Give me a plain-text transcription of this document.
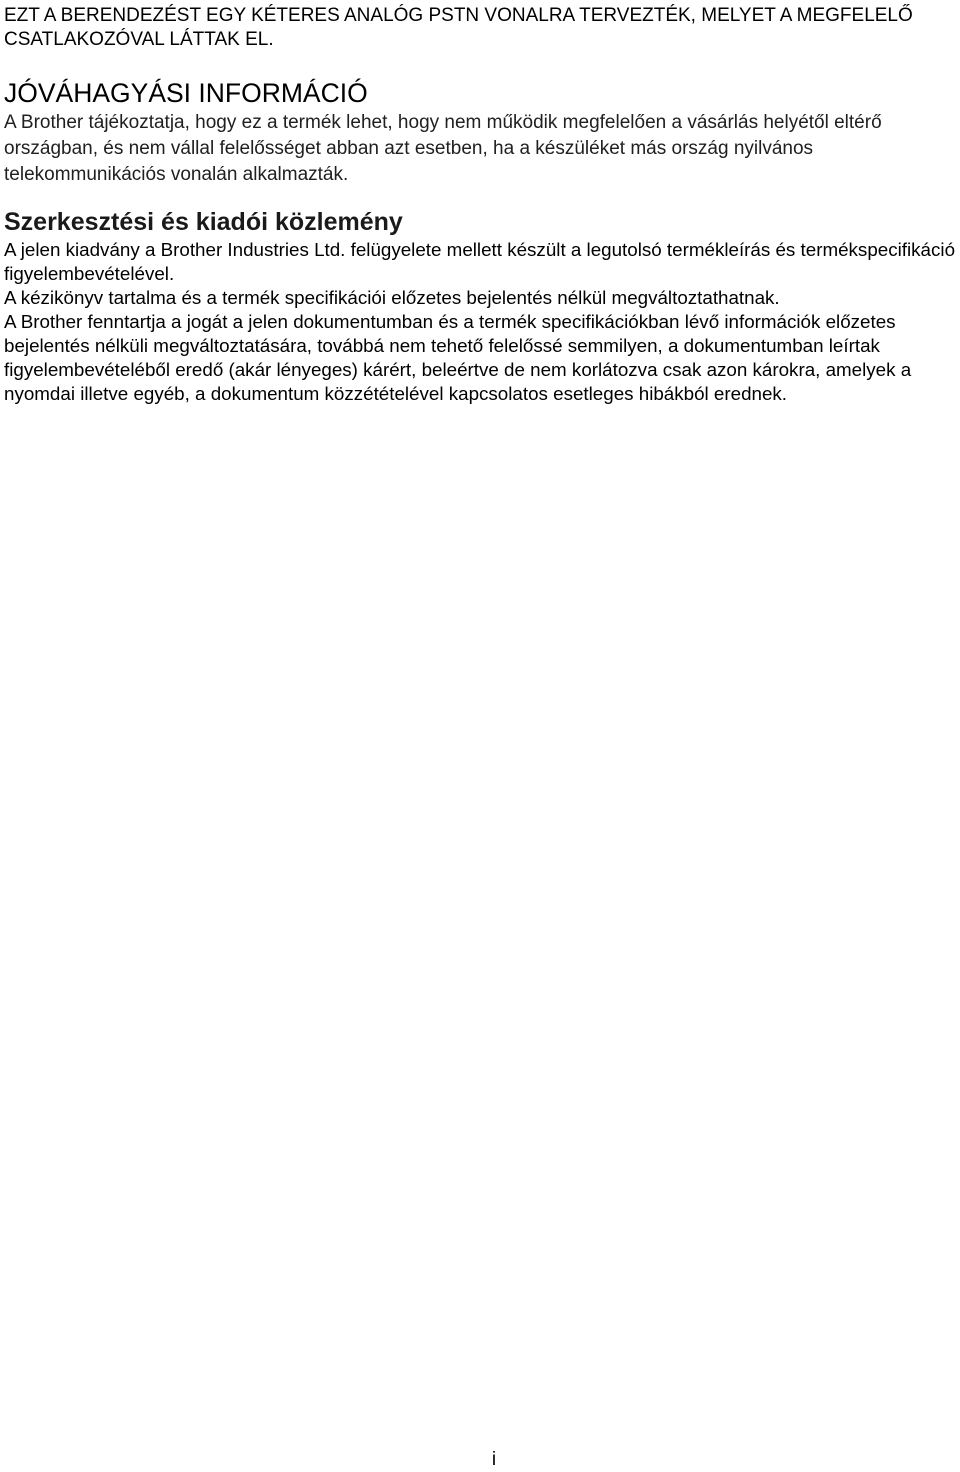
EZT A BERENDEZÉST EGY KÉTERES ANALÓG PSTN VONALRA TERVEZTÉK, MELYET A MEGFELELŐ CSATLAKOZÓVAL LÁTTAK EL.

JÓVÁHAGYÁSI INFORMÁCIÓ

A Brother tájékoztatja, hogy ez a termék lehet, hogy nem működik megfelelően a vásárlás helyétől eltérő országban, és nem vállal felelősséget abban azt esetben, ha a készüléket más ország nyilvános telekommunikációs vonalán alkalmazták.

Szerkesztési és kiadói közlemény

A jelen kiadvány a Brother Industries Ltd. felügyelete mellett készült a legutolsó termékleírás és termékspecifikáció figyelembevételével.

A kézikönyv tartalma és a termék specifikációi előzetes bejelentés nélkül megváltoztathatnak.

A Brother fenntartja a jogát a jelen dokumentumban és a termék specifikációkban lévő információk előzetes bejelentés nélküli megváltoztatására, továbbá nem tehető felelőssé semmilyen, a dokumentumban leírtak figyelembevételéből eredő (akár lényeges) kárért, beleértve de nem korlátozva csak azon károkra, amelyek a nyomdai illetve egyéb, a dokumentum közzétételével kapcsolatos esetleges hibákból erednek.

i
